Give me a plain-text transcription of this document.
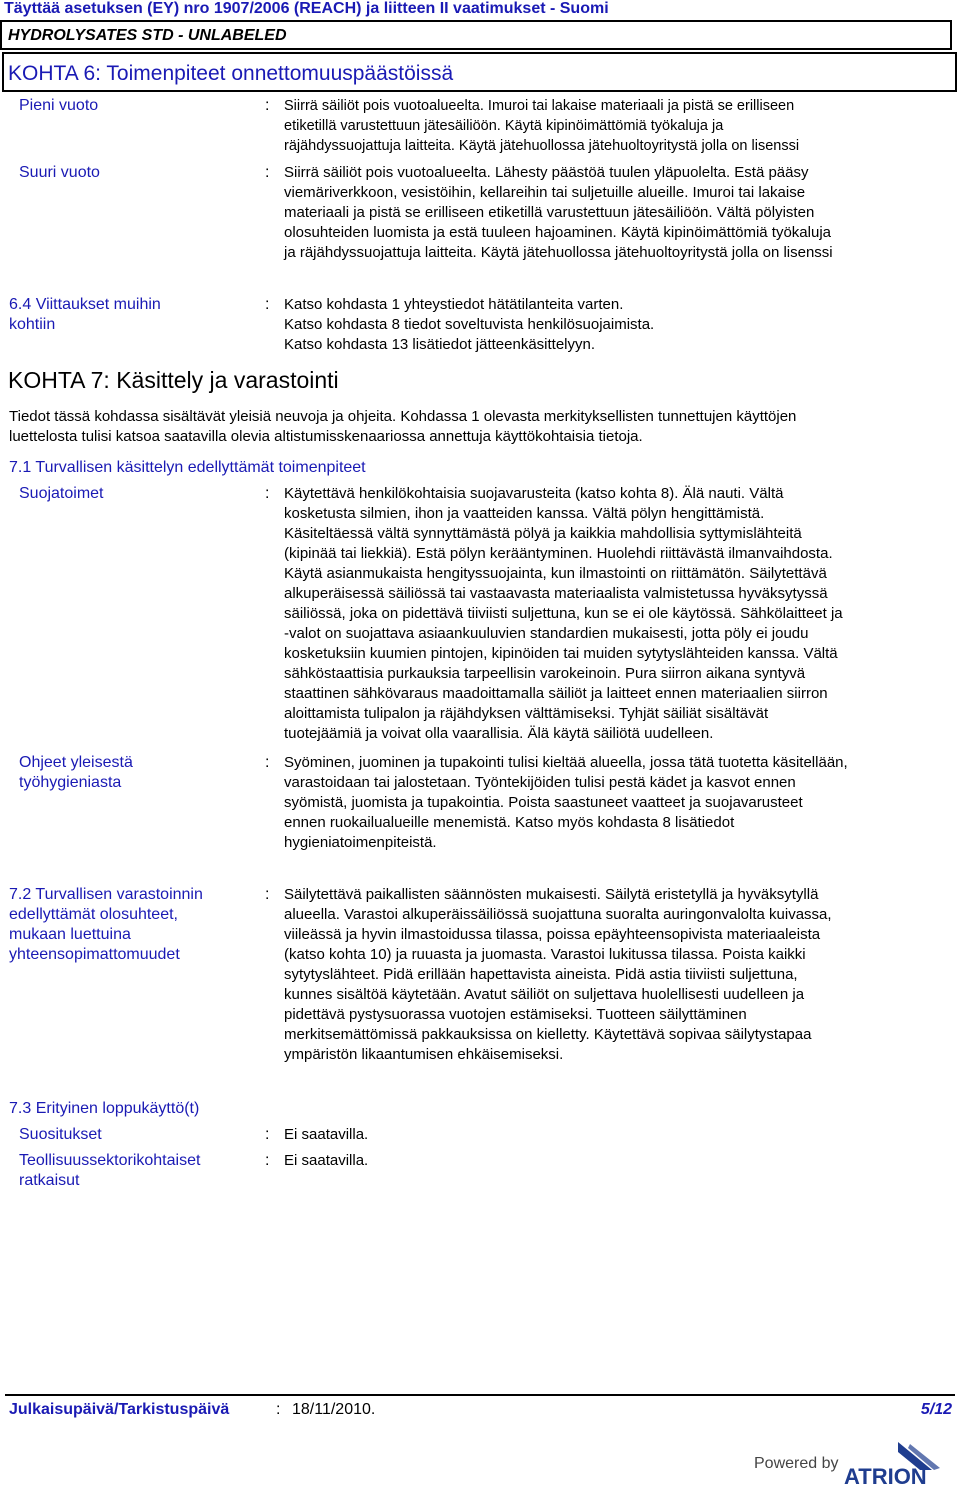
Täyttää asetuksen (EY) nro 1907/2006 (REACH) ja liitteen II vaatimukset - Suomi
HYDROLYSATES STD - UNLABELED
KOHTA 6: Toimenpiteet onnettomuuspäästöissä
Pieni vuoto	: Siirrä säiliöt pois vuotoalueelta. Imuroi tai lakaise materiaali ja pistä se erilliseen
etiketillä varustettuun jätesäiliöön. Käytä kipinöimättömiä työkaluja ja
räjähdyssuojattuja laitteita. Käytä jätehuollossa jätehuoltoyritystä jolla on lisenssi
Suuri vuoto	: Siirrä säiliöt pois vuotoalueelta. Lähesty päästöä tuulen yläpuolelta. Estä pääsy
viemäriverkkoon, vesistöihin, kellareihin tai suljetuille alueille. Imuroi tai lakaise
materiaali ja pistä se erilliseen etiketillä varustettuun jätesäiliöön. Vältä pölyisten
olosuhteiden luomista ja estä tuuleen hajoaminen. Käytä kipinöimättömiä työkaluja
ja räjähdyssuojattuja laitteita. Käytä jätehuollossa jätehuoltoyritystä jolla on lisenssi
6.4 Viittaukset muihin
kohtiin
: Katso kohdasta 1 yhteystiedot hätätilanteita varten.
Katso kohdasta 8 tiedot soveltuvista henkilösuojaimista.
Katso kohdasta 13 lisätiedot jätteenkäsittelyyn.
KOHTA 7: Käsittely ja varastointi
Tiedot tässä kohdassa sisältävät yleisiä neuvoja ja ohjeita. Kohdassa 1 olevasta merkityksellisten tunnettujen käyttöjen
luettelosta tulisi katsoa saatavilla olevia altistumisskenaariossa annettuja käyttökohtaisia tietoja.
7.1 Turvallisen käsittelyn edellyttämät toimenpiteet
Suojatoimet	: Käytettävä henkilökohtaisia suojavarusteita (katso kohta 8). Älä nauti. Vältä
kosketusta silmien, ihon ja vaatteiden kanssa. Vältä pölyn hengittämistä.
Käsiteltäessä vältä synnyttämästä pölyä ja kaikkia mahdollisia syttymislähteitä
(kipinää tai liekkiä). Estä pölyn kerääntyminen. Huolehdi riittävästä ilmanvaihdosta.
Käytä asianmukaista hengityssuojainta, kun ilmastointi on riittämätön. Säilytettävä
alkuperäisessä säiliössä tai vastaavasta materiaalista valmistetussa hyväksytyssä
säiliössä, joka on pidettävä tiiviisti suljettuna, kun se ei ole käytössä. Sähkölaitteet ja
-valot on suojattava asiaankuuluvien standardien mukaisesti, jotta pöly ei joudu
kosketuksiin kuumien pintojen, kipinöiden tai muiden sytytyslähteiden kanssa. Vältä
sähköstaattisia purkauksia tarpeellisin varokeinoin. Pura siirron aikana syntyvä
staattinen sähkövaraus maadoittamalla säiliöt ja laitteet ennen materiaalien siirron
aloittamista tulipalon ja räjähdyksen välttämiseksi. Tyhjät säiliät sisältävät
tuotejäämiä ja voivat olla vaarallisia. Älä käytä säiliötä uudelleen.
Ohjeet yleisestä
työhygieniasta
: Syöminen, juominen ja tupakointi tulisi kieltää alueella, jossa tätä tuotetta käsitellään,
varastoidaan tai jalostetaan. Työntekijöiden tulisi pestä kädet ja kasvot ennen
syömistä, juomista ja tupakointia. Poista saastuneet vaatteet ja suojavarusteet
ennen ruokailualueille menemistä. Katso myös kohdasta 8 lisätiedot
hygieniatoimenpiteistä.
7.2 Turvallisen varastoinnin
edellyttämät olosuhteet,
mukaan luettuina
yhteensopimattomuudet
: Säilytettävä paikallisten säännösten mukaisesti. Säilytä eristetyllä ja hyväksytyllä
alueella. Varastoi alkuperäissäiliössä suojattuna suoralta auringonvalolta kuivassa,
viileässä ja hyvin ilmastoidussa tilassa, poissa epäyhteensopivista materiaaleista
(katso kohta 10) ja ruuasta ja juomasta. Varastoi lukitussa tilassa. Poista kaikki
sytytyslähteet. Pidä erillään hapettavista aineista. Pidä astia tiiviisti suljettuna,
kunnes sisältöä käytetään. Avatut säiliöt on suljettava huolellisesti uudelleen ja
pidettävä pystysuorassa vuotojen estämiseksi. Tuotteen säilyttäminen
merkitsemättömissä pakkauksissa on kielletty. Käytettävä sopivaa säilytystapaa
ympäristön likaantumisen ehkäisemiseksi.
7.3 Erityinen loppukäyttö(t)
Suositukset	: Ei saatavilla.
Teollisuussektorikohtaiset
ratkaisut
: Ei saatavilla.
Julkaisupäivä/Tarkistuspäivä	: 18/11/2010.	5/12
Powered by
ATRION
